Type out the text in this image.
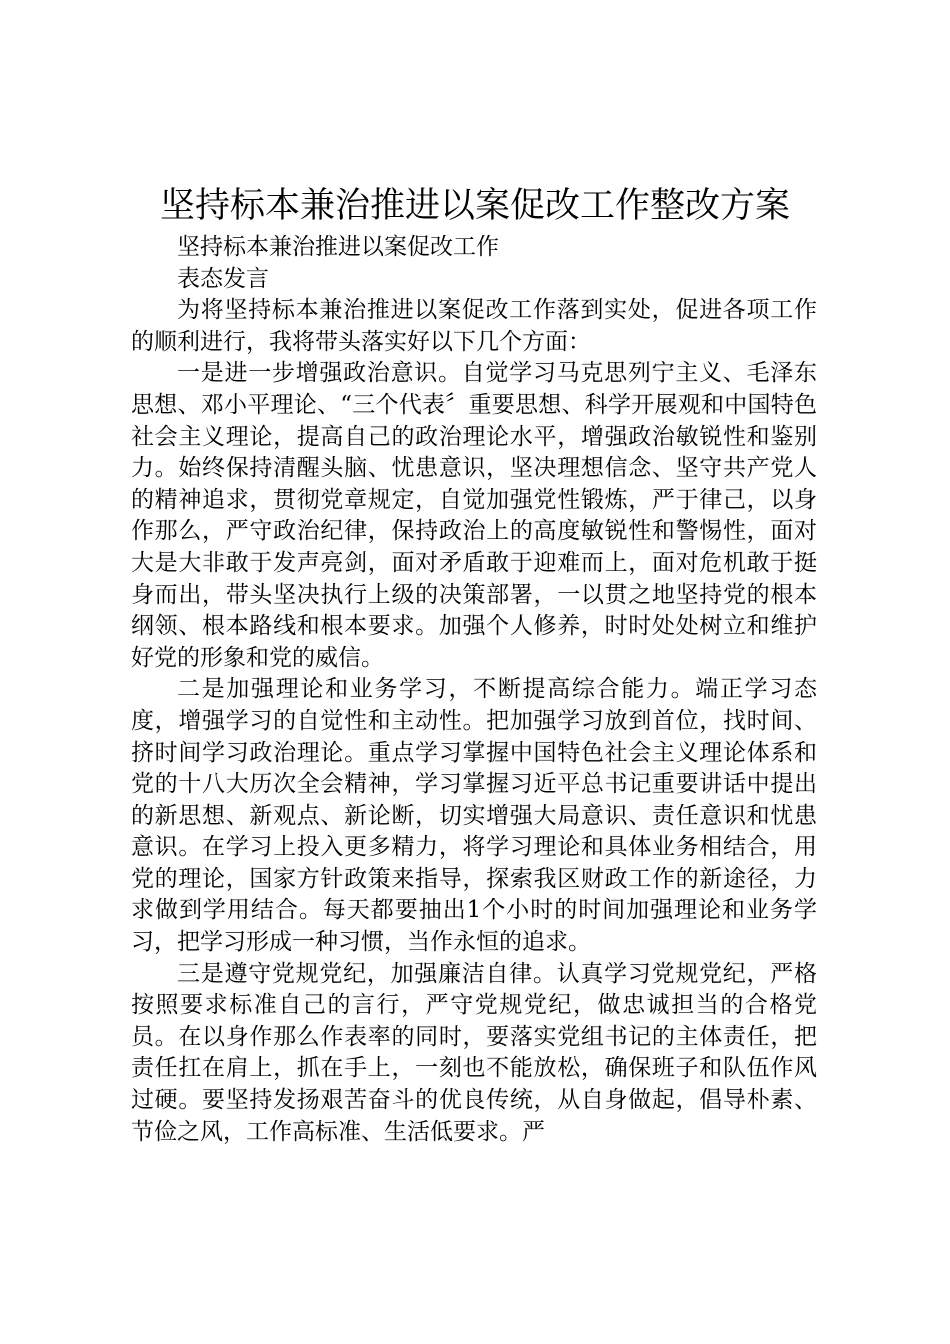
坚持标本兼治推进以案促改工作整改方案

坚持标本兼治推进以案促改工作

表态发言

为将坚持标本兼治推进以案促改工作落到实处，促进各项工作的顺利进行，我将带头落实好以下几个方面：

一是进一步增强政治意识。自觉学习马克思列宁主义、毛泽东思想、邓小平理论、“三个代表〞重要思想、科学开展观和中国特色社会主义理论，提高自己的政治理论水平，增强政治敏锐性和鉴别力。始终保持清醒头脑、忧患意识，坚决理想信念、坚守共产党人的精神追求，贯彻党章规定，自觉加强党性锻炼，严于律己，以身作那么，严守政治纪律，保持政治上的高度敏锐性和警惕性，面对大是大非敢于发声亮剑，面对矛盾敢于迎难而上，面对危机敢于挺身而出，带头坚决执行上级的决策部署，一以贯之地坚持党的根本纲领、根本路线和根本要求。加强个人修养，时时处处树立和维护好党的形象和党的威信。

二是加强理论和业务学习，不断提高综合能力。端正学习态度，增强学习的自觉性和主动性。把加强学习放到首位，找时间、挤时间学习政治理论。重点学习掌握中国特色社会主义理论体系和党的十八大历次全会精神，学习掌握习近平总书记重要讲话中提出的新思想、新观点、新论断，切实增强大局意识、责任意识和忧患意识。在学习上投入更多精力，将学习理论和具体业务相结合，用党的理论，国家方针政策来指导，探索我区财政工作的新途径，力求做到学用结合。每天都要抽出1个小时的时间加强理论和业务学习，把学习形成一种习惯，当作永恒的追求。

三是遵守党规党纪，加强廉洁自律。认真学习党规党纪，严格按照要求标准自己的言行，严守党规党纪，做忠诚担当的合格党员。在以身作那么作表率的同时，要落实党组书记的主体责任，把责任扛在肩上，抓在手上，一刻也不能放松，确保班子和队伍作风过硬。要坚持发扬艰苦奋斗的优良传统，从自身做起，倡导朴素、节俭之风，工作高标准、生活低要求。严
